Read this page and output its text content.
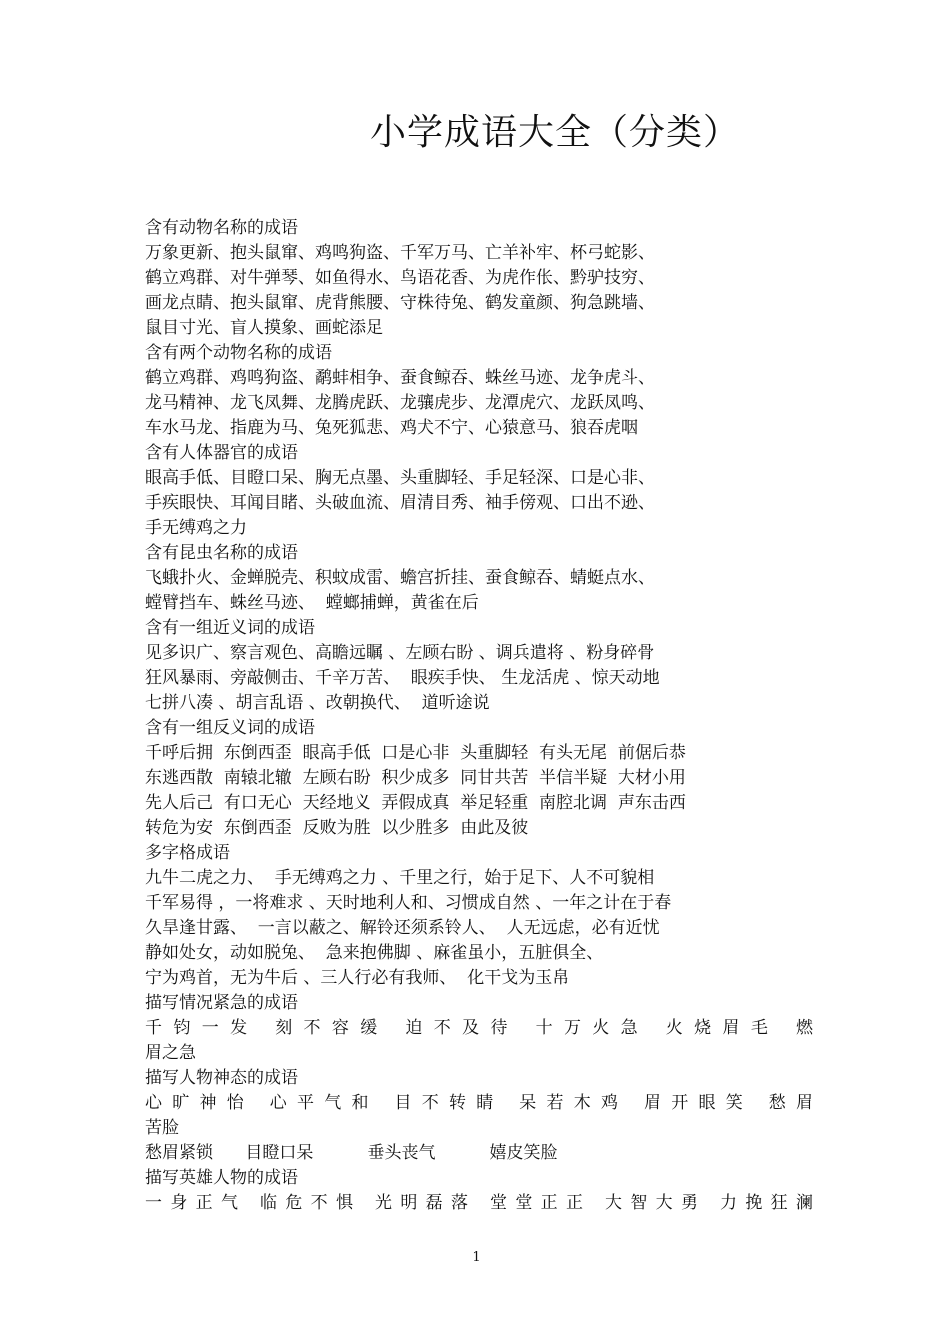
小学成语大全（分类）
含有动物名称的成语
万象更新、抱头鼠窜、鸡鸣狗盗、千军万马、亡羊补牢、杯弓蛇影、
鹤立鸡群、对牛弹琴、如鱼得水、鸟语花香、为虎作伥、黔驴技穷、
画龙点睛、抱头鼠窜、虎背熊腰、守株待兔、鹤发童颜、狗急跳墙、
鼠目寸光、盲人摸象、画蛇添足
含有两个动物名称的成语
鹤立鸡群、鸡鸣狗盗、鹬蚌相争、蚕食鲸吞、蛛丝马迹、龙争虎斗、
龙马精神、龙飞凤舞、龙腾虎跃、龙骧虎步、龙潭虎穴、龙跃凤鸣、
车水马龙、指鹿为马、兔死狐悲、鸡犬不宁、心猿意马、狼吞虎咽
含有人体器官的成语
眼高手低、目瞪口呆、胸无点墨、头重脚轻、手足轻深、口是心非、
手疾眼快、耳闻目睹、头破血流、眉清目秀、袖手傍观、口出不逊、
手无缚鸡之力
含有昆虫名称的成语
飞蛾扑火、金蝉脱壳、积蚊成雷、蟾宫折挂、蚕食鲸吞、蜻蜓点水、
螳臂挡车、蛛丝马迹、  螳螂捕蝉，黄雀在后
含有一组近义词的成语
见多识广、察言观色、高瞻远瞩 、左顾右盼 、调兵遣将 、粉身碎骨
狂风暴雨、旁敲侧击、千辛万苦、  眼疾手快、 生龙活虎 、惊天动地
七拼八凑 、胡言乱语 、改朝换代、  道听途说
含有一组反义词的成语
千呼后拥  东倒西歪  眼高手低  口是心非  头重脚轻  有头无尾  前倨后恭
东逃西散  南辕北辙  左顾右盼  积少成多  同甘共苦  半信半疑  大材小用
先人后己  有口无心  天经地义  弄假成真  举足轻重  南腔北调  声东击西
转危为安  东倒西歪  反败为胜  以少胜多  由此及彼
多字格成语
九牛二虎之力、  手无缚鸡之力 、千里之行，始于足下、人不可貌相
千军易得 ，一将难求 、天时地利人和、习惯成自然 、一年之计在于春
久旱逢甘露、  一言以蔽之、解铃还须系铃人、  人无远虑，必有近忧
静如处女，动如脱兔、  急来抱佛脚 、麻雀虽小，五脏俱全、
宁为鸡首，无为牛后 、三人行必有我师、  化干戈为玉帛
描写情况紧急的成语
千钧一发 刻不容缓 迫不及待 十万火急 火烧眉毛 燃
眉之急
描写人物神态的成语
心旷神怡 心平气和 目不转睛 呆若木鸡 眉开眼笑 愁眉
苦脸
愁眉紧锁      目瞪口呆          垂头丧气          嬉皮笑脸
描写英雄人物的成语
一身正气 临危不惧 光明磊落 堂堂正正 大智大勇 力挽狂澜
1
